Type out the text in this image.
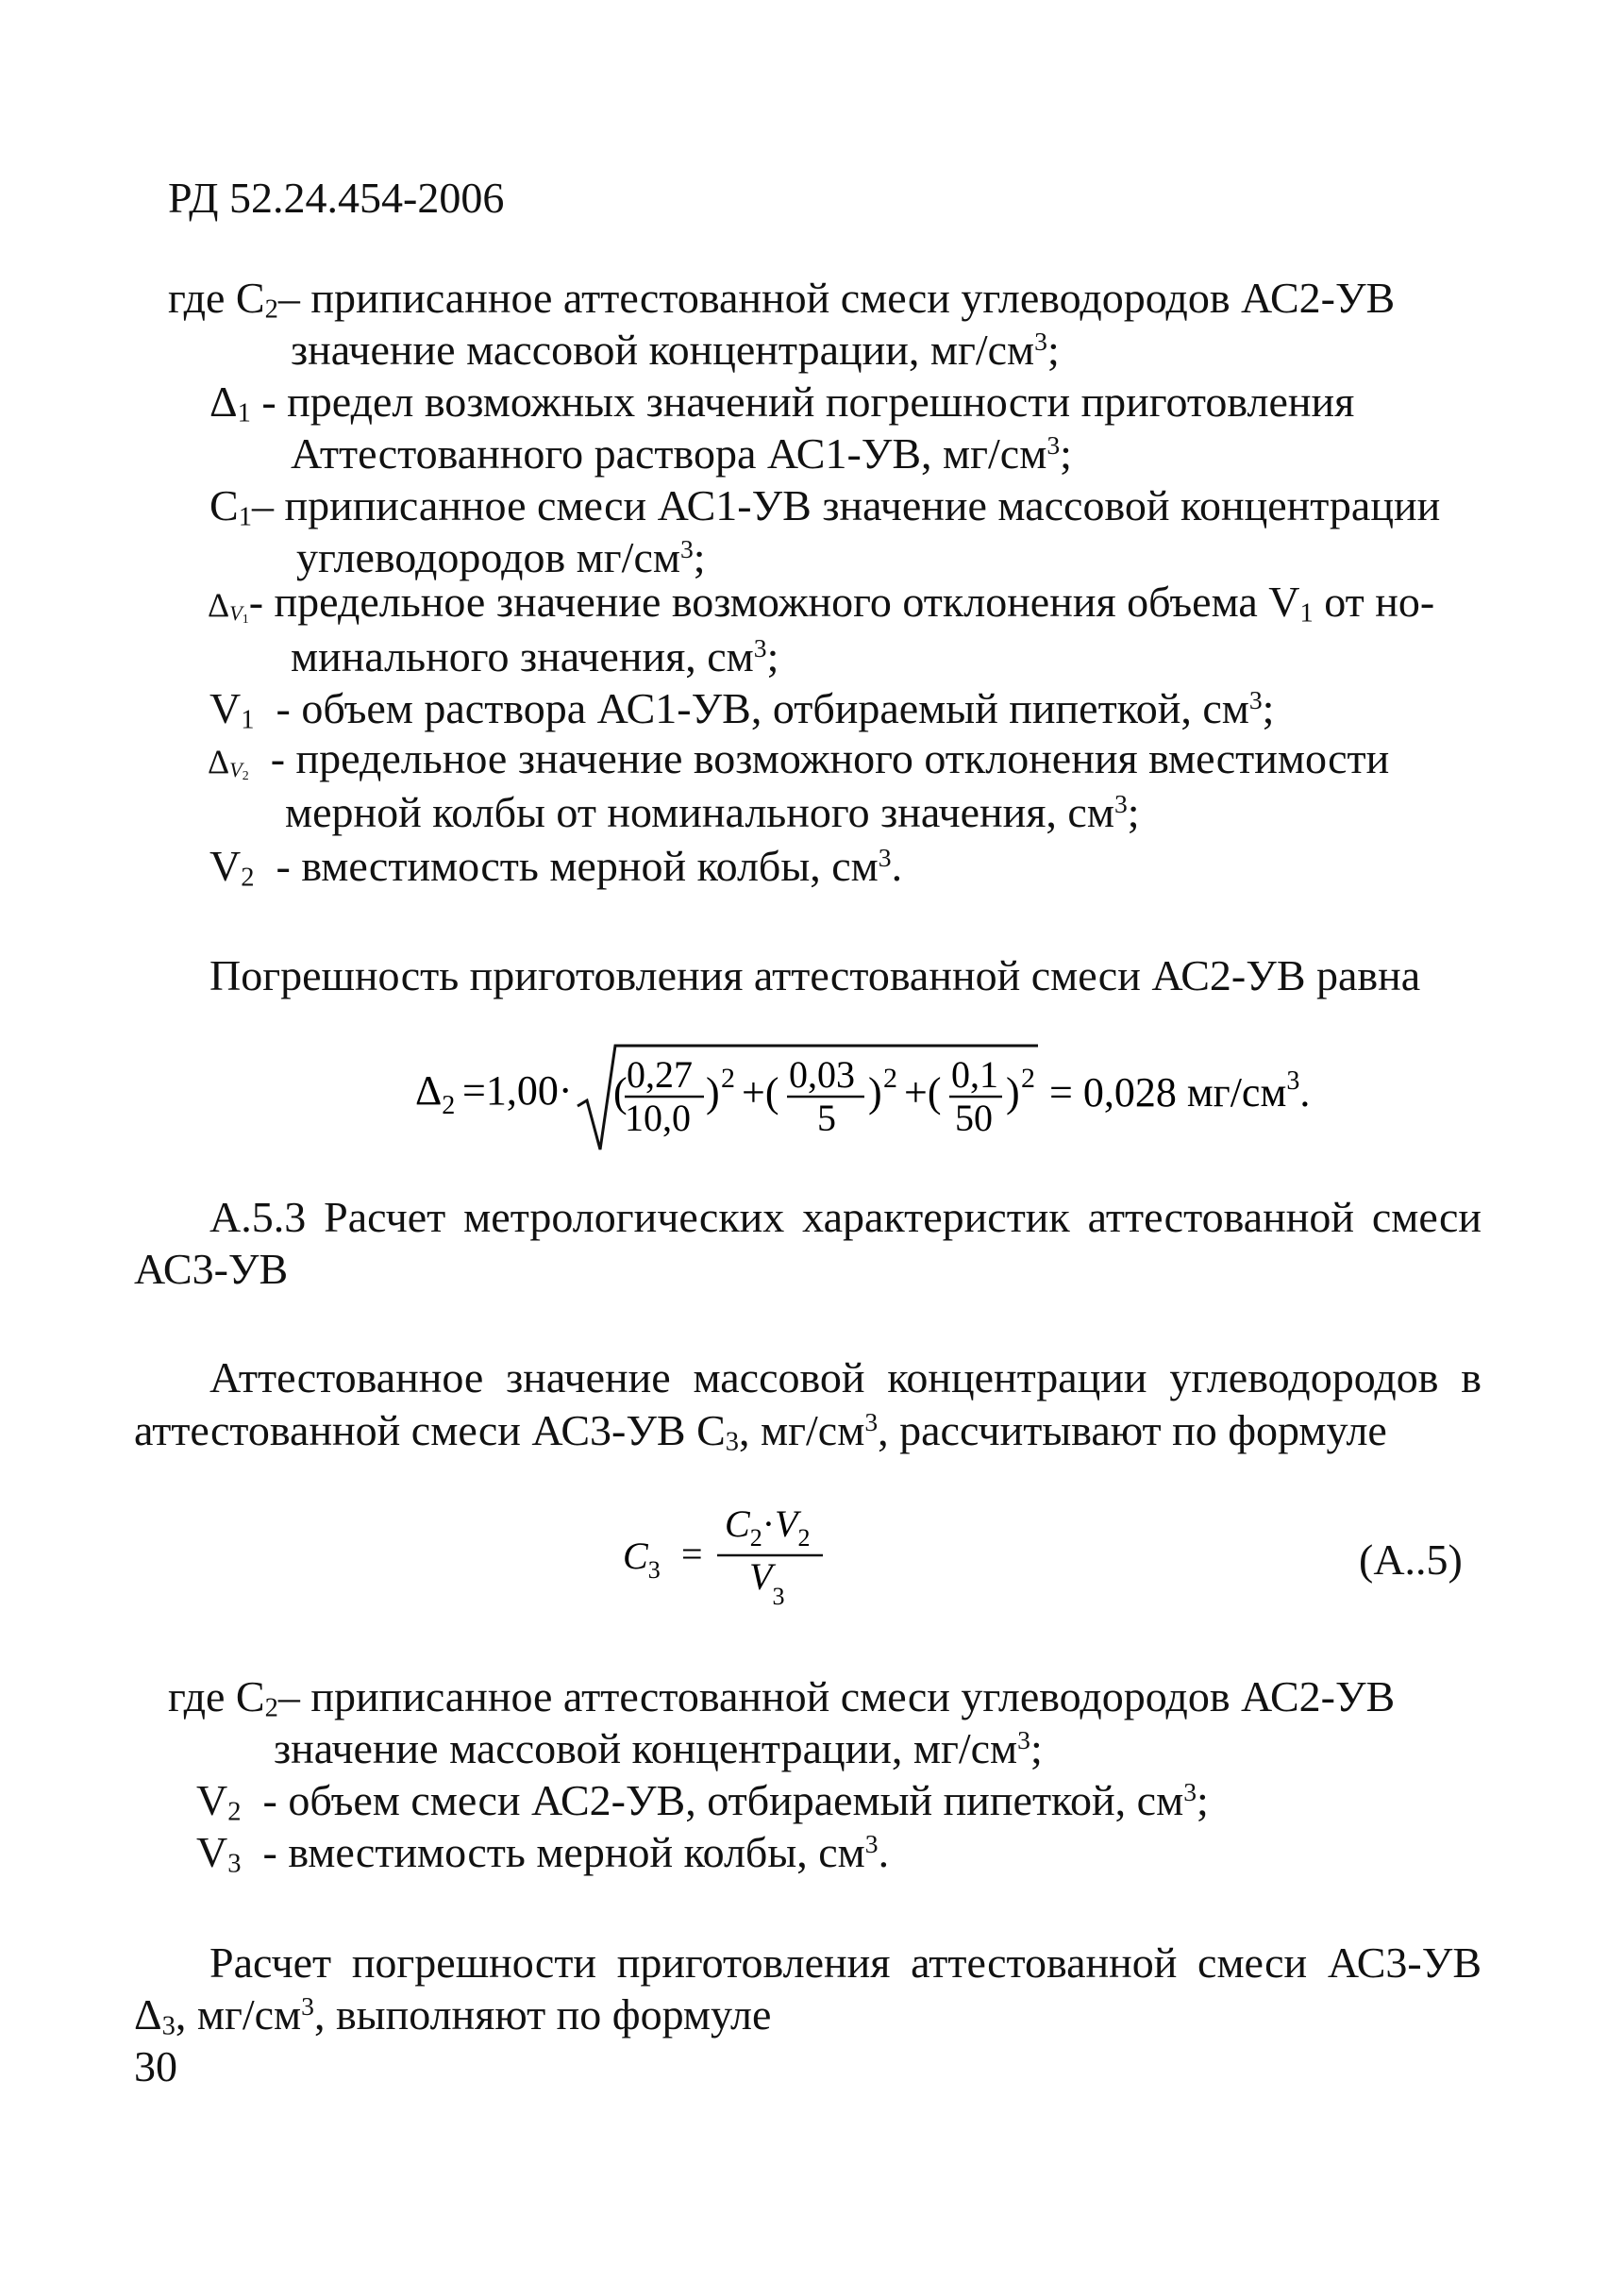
РД 52.24.454-2006
где $C_2-$ приписанное аттестованной смеси углеводородов АС2-УВ
значение массовой концентрации, $мг/см^3$;
$\Delta_1$ - предел возможных значений погрешности приготовления
Аттестованного раствора АС1-УВ, $мг/см^3$;
$C_1-$ приписанное смеси АС1-УВ значение массовой концентрации
углеводородов $мг/см^3$;
$\Delta_{V_1}-$ предельное значение возможного отклонения объема $V_1$ от но-
минального значения, $см^3$;
$V_1$ - объем раствора АС1-УВ, отбираемый пипеткой, $см^3$;
$\Delta_{V_2}$ - предельное значение возможного отклонения вместимости
мерной колбы от номинального значения, $см^3$;
$V_2$ - вместимость мерной колбы, $см^3$.
Погрешность приготовления аттестованной смеси АС2-УВ равна
$\Delta_2 =1,00\cdot$ ( 0,27
10,0
) 2 +( 0,03
5
) 2 +( 0,1
50
) 2 = 0,028 $мг/см^3$.
А.5.3 Расчет метрологических характеристик аттестованной смеси
АС3-УВ
Аттестованное значение массовой концентрации углеводородов в
аттестованной смеси АС3-УВ $С_3$, $мг/см^3$, рассчитывают по формуле
$C_3$ =
$C_2\cdot V_2$
$V_3$
(А..5)
где $C_2-$ приписанное аттестованной смеси углеводородов АС2-УВ
значение массовой концентрации, $мг/см^3$;
$V_2$ - объем смеси АС2-УВ, отбираемый пипеткой, $см^3$;
$V_3$ - вместимость мерной колбы, $см^3$.
Расчет погрешности приготовления аттестованной смеси АС3-УВ
$\Delta_3$, $мг/см^3$, выполняют по формуле
30
